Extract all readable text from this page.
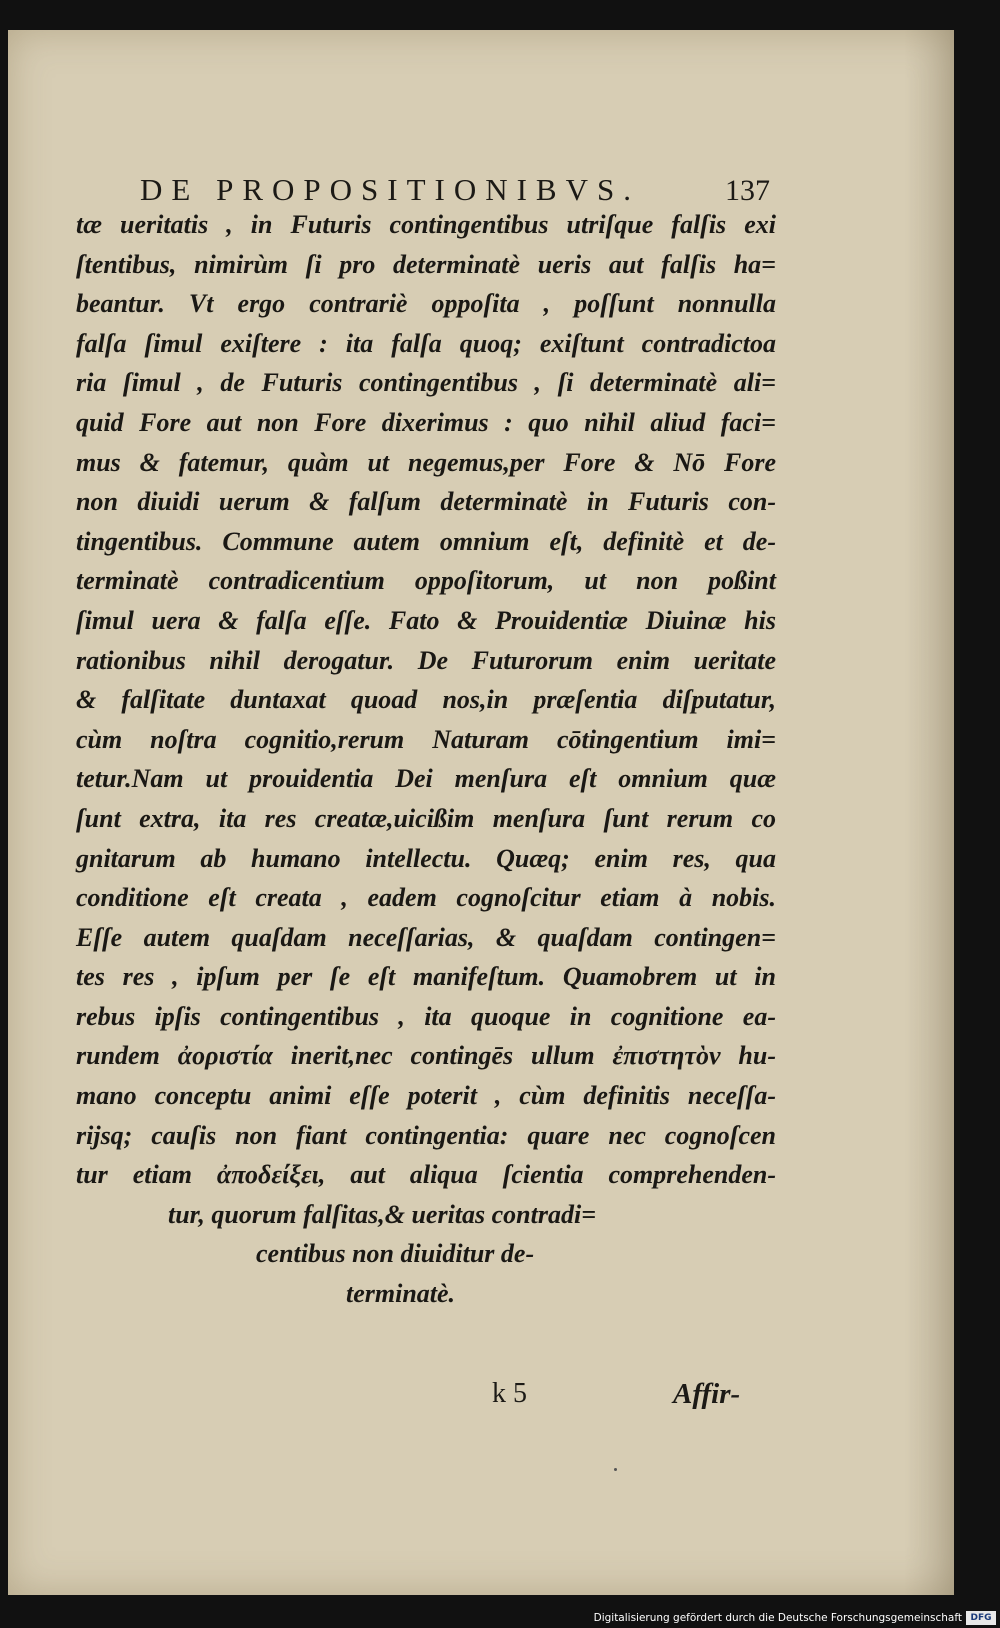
DE PROPOSITIONIBVS.	137
tæ ueritatis , in Futuris contingentibus utriſque falſis exi
ſtentibus, nimirùm ſi pro determinatè ueris aut falſis ha=
beantur. Vt ergo contrariè oppoſita , poſſunt nonnulla
falſa ſimul exiſtere : ita falſa quoq; exiſtunt contradictoa
ria ſimul , de Futuris contingentibus , ſi determinatè ali=
quid Fore aut non Fore dixerimus : quo nihil aliud faci=
mus & fatemur, quàm ut negemus,per Fore & Nō Fore
non diuidi uerum & falſum determinatè in Futuris con-
tingentibus. Commune autem omnium eſt, definitè et de-
terminatè contradicentium oppoſitorum, ut non poßint
ſimul uera & falſa eſſe. Fato & Prouidentiæ Diuinæ his
rationibus nihil derogatur. De Futurorum enim ueritate
& falſitate duntaxat quoad nos,in præſentia diſputatur,
cùm noſtra cognitio,rerum Naturam cōtingentium imi=
tetur.Nam ut prouidentia Dei menſura eſt omnium quæ
ſunt extra, ita res creatæ,uicißim menſura ſunt rerum co
gnitarum ab humano intellectu. Quæq; enim res, qua
conditione eſt creata , eadem cognoſcitur etiam à nobis.
Eſſe autem quaſdam neceſſarias, & quaſdam contingen=
tes res , ipſum per ſe eſt manifeſtum. Quamobrem ut in
rebus ipſis contingentibus , ita quoque in cognitione ea-
rundem ἀοριστία inerit,nec contingēs ullum ἐπιστητὸν hu-
mano conceptu animi eſſe poterit , cùm definitis neceſſa-
rijsq; cauſis non fiant contingentia: quare nec cognoſcen
tur etiam ἀποδείξει, aut aliqua ſcientia comprehenden-
tur, quorum falſitas,& ueritas contradi=
centibus non diuiditur de-
terminatè.
k 5	Affir-
Digitalisierung gefördert durch die Deutsche Forschungsgemeinschaft DFG
